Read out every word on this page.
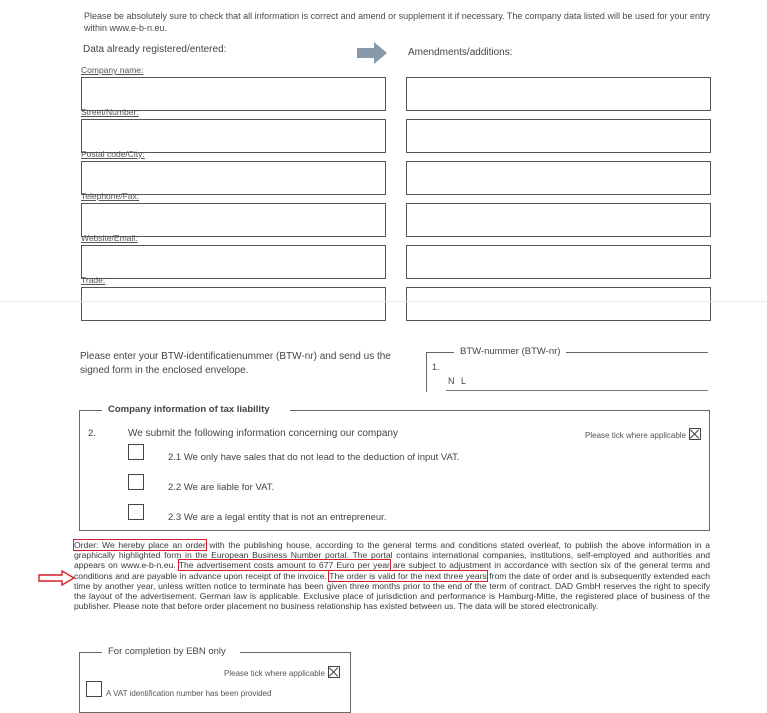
Please be absolutely sure to check that all information is correct and amend or supplement it if necessary. The company data listed will be used for your entry within www.e-b-n.eu.
Data already registered/entered:	Amendments/additions:
Company name:
Street/Number:
Postal code/City:
Telephone/Fax:
Website/Email:
Trade:
Please enter your BTW-identificatienummer (BTW-nr) and send us the signed form in the enclosed envelope.
BTW-nummer (BTW-nr)
1.
N L
Company information of tax liability
2.	We submit the following information concerning our company	Please tick where applicable
2.1 We only have sales that do not lead to the deduction of input VAT.
2.2 We are liable for VAT.
2.3 We are a legal entity that is not an entrepreneur.
Order: We hereby place an order with the publishing house, according to the general terms and conditions stated overleaf, to publish the above information in a graphically highlighted form in the European Business Number portal. The portal contains international companies, institutions, self-employed and authorities and appears on www.e-b-n.eu. The advertisement costs amount to 677 Euro per year are subject to adjustment in accordance with section six of the general terms and conditions and are payable in advance upon receipt of the invoice. The order is valid for the next three years from the date of order and is subsequently extended each time by another year, unless written notice to terminate has been given three months prior to the end of the term of contract. DAD GmbH reserves the right to specify the layout of the advertisement. German law is applicable. Exclusive place of jurisdiction and performance is Hamburg-Mitte, the registered place of business of the publisher. Please note that before order placement no business relationship has existed between us. The data will be stored electronically.
For completion by EBN only
Please tick where applicable
A VAT identification number has been provided
